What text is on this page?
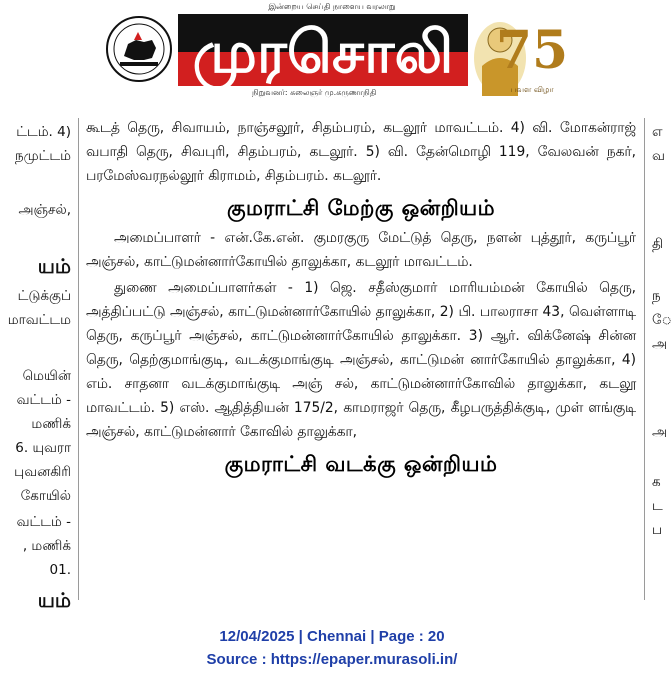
இன்றைய செய்தி நாளைய வரலாறு
முரசொலி
நிறுவனர்: கலைஞர் மு.கருணாநிதி
75
பவள விழா
ட்டம். 4)
நமுட்டம்
அஞ்சல்,
யம்
ட்டுக்குப்
மாவட்டம
மெயின்
வட்டம் -
மணிக்
6. யுவரா
புவனகிரி
கோயில்
வட்டம் -
, மணிக்
01.
யம்

கூடத் தெரு, சிவாயம், நாஞ்சலூர், சிதம்பரம், கடலூர் மாவட்டம். 4) வி. மோகன்ராஜ் வபாதி தெரு, சிவபுரி, சிதம்பரம், கடலூர். 5) வி. தேன்மொழி 119, வேலவன் நகர், பரமேஸ்வரநல்லூர் கிராமம், சிதம்பரம். கடலூர்.

குமராட்சி மேற்கு ஒன்றியம்

அமைப்பாளர் - என்.கே.என். குமரகுரு மேட்டுத் தெரு, நளன் புத்தூர், கருப்பூர் அஞ்சல், காட்டுமன்னார்கோயில் தாலுக்கா, கடலூர் மாவட்டம்.

துணை அமைப்பாளர்கள் - 1) ஜெ. சதீஸ்குமார் மாரியம்மன் கோயில் தெரு, அத்திப்பட்டு அஞ்சல், காட்டுமன்னார்கோயில் தாலுக்கா, 2) பி. பாலராசா 43, வெள்ளாடி தெரு, கருப்பூர் அஞ்சல், காட்டுமன்னார்கோயில் தாலுக்கா. 3) ஆர். விக்னேஷ் சின்ன தெரு, தெற்குமாங்குடி, வடக்குமாங்குடி அஞ்சல், காட்டுமன் னார்கோயில் தாலுக்கா, 4) எம். சாதனா வடக்குமாங்குடி அஞ் சல், காட்டுமன்னார்கோவில் தாலுக்கா, கடலூ மாவட்டம். 5) எஸ். ஆதித்தியன் 175/2, காமராஜர் தெரு, கீழபருத்திக்குடி, முள் ளங்குடி அஞ்சல், காட்டுமன்னார் கோவில் தாலுக்கா,

குமராட்சி வடக்கு ஒன்றியம்
எ
வ
தி
ந
ே
அ
அ
க
ட
ப
12/04/2025 | Chennai | Page : 20
Source : https://epaper.murasoli.in/
